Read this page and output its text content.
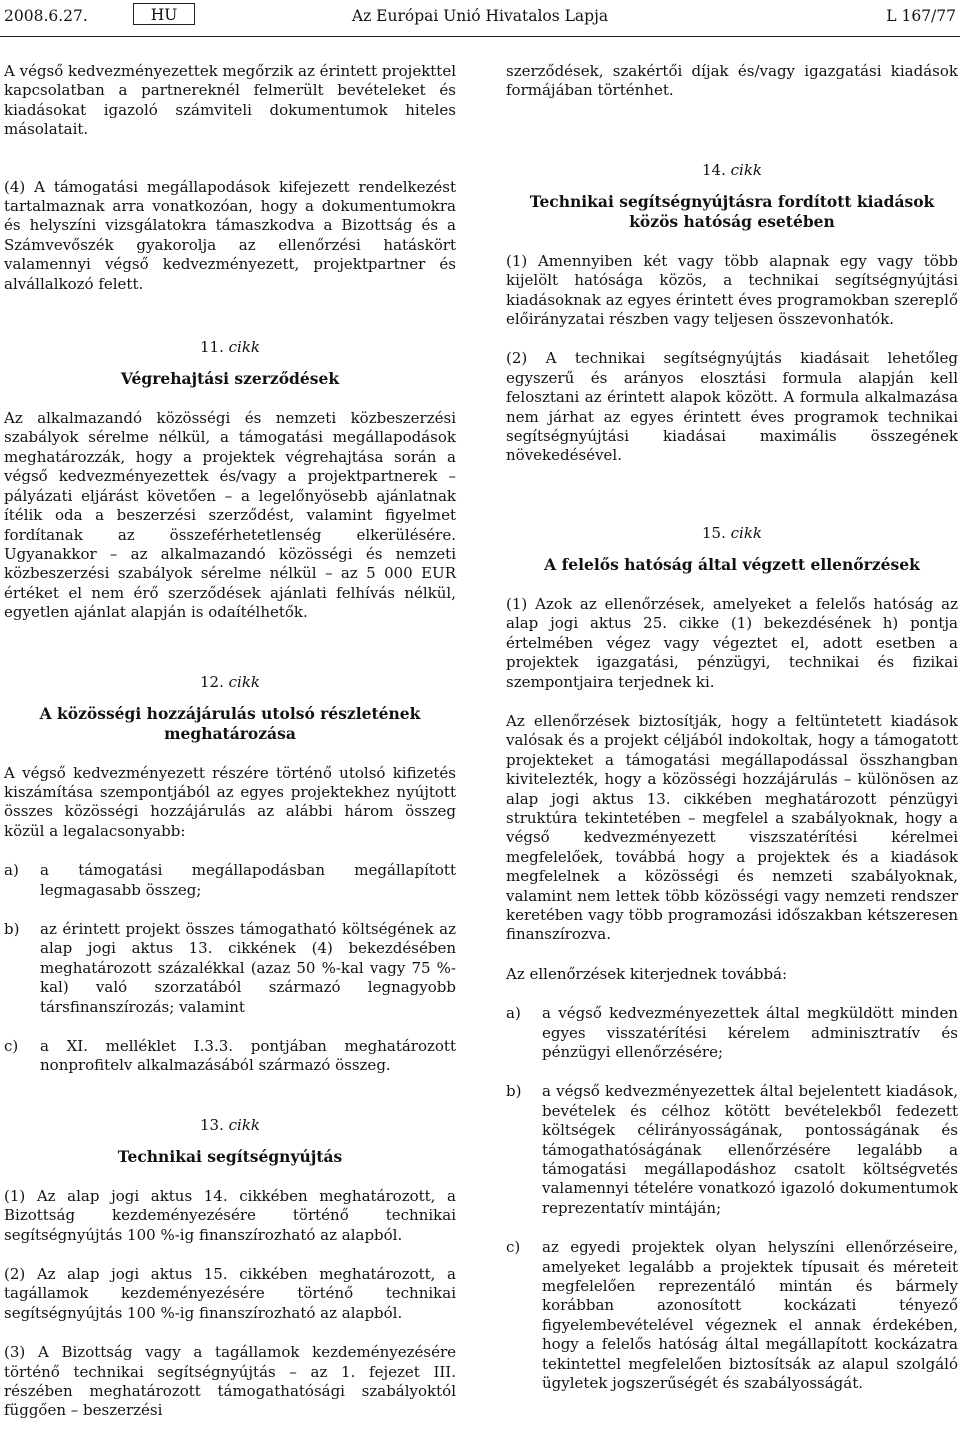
2008.6.27.	HU	Az Európai Unió Hivatalos Lapja	L 167/77

A végső kedvezményezettek megőrzik az érintett projekttel kapcsolatban a partnereknél felmerült bevételeket és kiadásokat igazoló számviteli dokumentumok hiteles másolatait.

(4) A támogatási megállapodások kifejezett rendelkezést tartalmaznak arra vonatkozóan, hogy a dokumentumokra és helyszíni vizsgálatokra támaszkodva a Bizottság és a Számvevőszék gyakorolja az ellenőrzési hatáskört valamennyi végső kedvezményezett, projektpartner és alvállalkozó felett.

11. cikk

Végrehajtási szerződések

Az alkalmazandó közösségi és nemzeti közbeszerzési szabályok sérelme nélkül, a támogatási megállapodások meghatározzák, hogy a projektek végrehajtása során a végső kedvezményezettek és/vagy a projektpartnerek – pályázati eljárást követően – a legelőnyösebb ajánlatnak ítélik oda a beszerzési szerződést, valamint figyelmet fordítanak az összeférhetetlenség elkerülésére. Ugyanakkor – az alkalmazandó közösségi és nemzeti közbeszerzési szabályok sérelme nélkül – az 5 000 EUR értéket el nem érő szerződések ajánlati felhívás nélkül, egyetlen ajánlat alapján is odaítélhetők.

12. cikk

A közösségi hozzájárulás utolsó részletének meghatározása

A végső kedvezményezett részére történő utolsó kifizetés kiszámítása szempontjából az egyes projektekhez nyújtott összes közösségi hozzájárulás az alábbi három összeg közül a legalacsonyabb:

a)	a támogatási megállapodásban megállapított legmagasabb összeg;
b)	az érintett projekt összes támogatható költségének az alap jogi aktus 13. cikkének (4) bekezdésében meghatározott százalékkal (azaz 50 %-kal vagy 75 %-kal) való szorzatából származó legnagyobb társfinanszírozás; valamint
c)	a XI. melléklet I.3.3. pontjában meghatározott nonprofitelv alkalmazásából származó összeg.

13. cikk

Technikai segítségnyújtás

(1) Az alap jogi aktus 14. cikkében meghatározott, a Bizottság kezdeményezésére történő technikai segítségnyújtás 100 %-ig finanszírozható az alapból.

(2) Az alap jogi aktus 15. cikkében meghatározott, a tagállamok kezdeményezésére történő technikai segítségnyújtás 100 %-ig finanszírozható az alapból.

(3) A Bizottság vagy a tagállamok kezdeményezésére történő technikai segítségnyújtás – az 1. fejezet III. részében meghatározott támogathatósági szabályoktól függően – beszerzési

szerződések, szakértői díjak és/vagy igazgatási kiadások formájában történhet.

14. cikk

Technikai segítségnyújtásra fordított kiadások közös hatóság esetében

(1) Amennyiben két vagy több alapnak egy vagy több kijelölt hatósága közös, a technikai segítségnyújtási kiadásoknak az egyes érintett éves programokban szereplő előirányzatai részben vagy teljesen összevonhatók.

(2) A technikai segítségnyújtás kiadásait lehetőleg egyszerű és arányos elosztási formula alapján kell felosztani az érintett alapok között. A formula alkalmazása nem járhat az egyes érintett éves programok technikai segítségnyújtási kiadásai maximális összegének növekedésével.

15. cikk

A felelős hatóság által végzett ellenőrzések

(1) Azok az ellenőrzések, amelyeket a felelős hatóság az alap jogi aktus 25. cikke (1) bekezdésének h) pontja értelmében végez vagy végeztet el, adott esetben a projektek igazgatási, pénzügyi, technikai és fizikai szempontjaira terjednek ki.

Az ellenőrzések biztosítják, hogy a feltüntetett kiadások valósak és a projekt céljából indokoltak, hogy a támogatott projekteket a támogatási megállapodással összhangban kivitelezték, hogy a közösségi hozzájárulás – különösen az alap jogi aktus 13. cikkében meghatározott pénzügyi struktúra tekintetében – megfelel a szabályoknak, hogy a végső kedvezményezett viszszatérítési kérelmei megfelelőek, továbbá hogy a projektek és a kiadások megfelelnek a közösségi és nemzeti szabályoknak, valamint nem lettek több közösségi vagy nemzeti rendszer keretében vagy több programozási időszakban kétszeresen finanszírozva.

Az ellenőrzések kiterjednek továbbá:

a)	a végső kedvezményezettek által megküldött minden egyes visszatérítési kérelem adminisztratív és pénzügyi ellenőrzésére;
b)	a végső kedvezményezettek által bejelentett kiadások, bevételek és célhoz kötött bevételekből fedezett költségek célirányosságának, pontosságának és támogathatóságának ellenőrzésére legalább a támogatási megállapodáshoz csatolt költségvetés valamennyi tételére vonatkozó igazoló dokumentumok reprezentatív mintáján;
c)	az egyedi projektek olyan helyszíni ellenőrzéseire, amelyeket legalább a projektek típusait és méreteit megfelelően reprezentáló mintán és bármely korábban azonosított kockázati tényező figyelembevételével végeznek el annak érdekében, hogy a felelős hatóság által megállapított kockázatra tekintettel megfelelően biztosítsák az alapul szolgáló ügyletek jogszerűségét és szabályosságát.
